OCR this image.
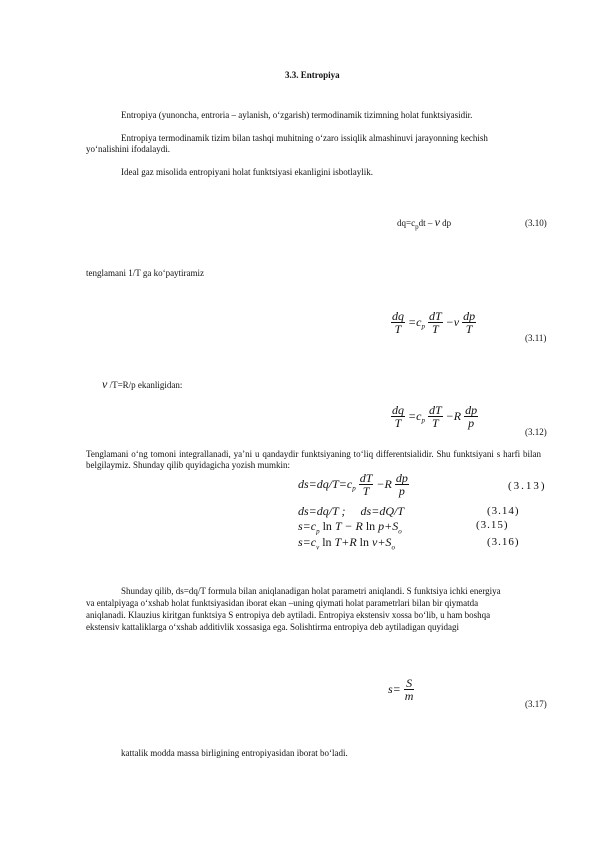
3.3. Entropiya
Entropiya (yunoncha, entroria – aylanish, o‘zgarish) termodinamik tizimning holat funktsiyasidir.
Entropiya termodinamik tizim bilan tashqi muhitning o‘zaro issiqlik almashinuvi jarayonning kechish
yo‘nalishini ifodalaydi.
Ideal gaz misolida entropiyani holat funktsiyasi ekanligini isbotlaylik.
$dq=c_pdt - \nu$ dp	(3.10)
tenglamani 1/T ga ko‘paytiramiz
$\frac{dq}{T} =c_p \frac{dT}{T} -v \frac{dp}{T}$
(3.11)
ν /T=R/p ekanligidan:
$\frac{dq}{T} =c_p \frac{dT}{T} -R \frac{dp}{p}$
(3.12)
Tenglamani o‘ng tomoni integrallanadi, ya’ni u qandaydir funktsiyaning to‘liq differentsialidir. Shu funktsiyani s harfi bilan belgilaymiz. Shunday qilib quyidagicha yozish mumkin:
$ds=dq/T=c_p \frac{dT}{T} -R \frac{dp}{p}$	(3.13)
ds=dq/T ;     ds=dQ/T	(3.14)
$s=c_p$ ln T − R $\ln p+S_o$
(3.15)
$s=c_v$ ln T+R $\ln v+S_o$	(3.16)
Shunday qilib, ds=dq/T formula bilan aniqlanadigan holat parametri aniqlandi. S funktsiya ichki energiya
va entalpiyaga o‘xshab holat funktsiyasidan iborat ekan –uning qiymati holat parametrlari bilan bir qiymatda
aniqlanadi. Klauzius kiritgan funktsiya S entropiya deb aytiladi. Entropiya ekstensiv xossa bo‘lib, u ham boshqa
ekstensiv kattaliklarga o‘xshab additivlik xossasiga ega. Solishtirma entropiya deb aytiladigan quyidagi
$s= \frac{S}{m}$
(3.17)
kattalik modda massa birligining entropiyasidan iborat bo‘ladi.
